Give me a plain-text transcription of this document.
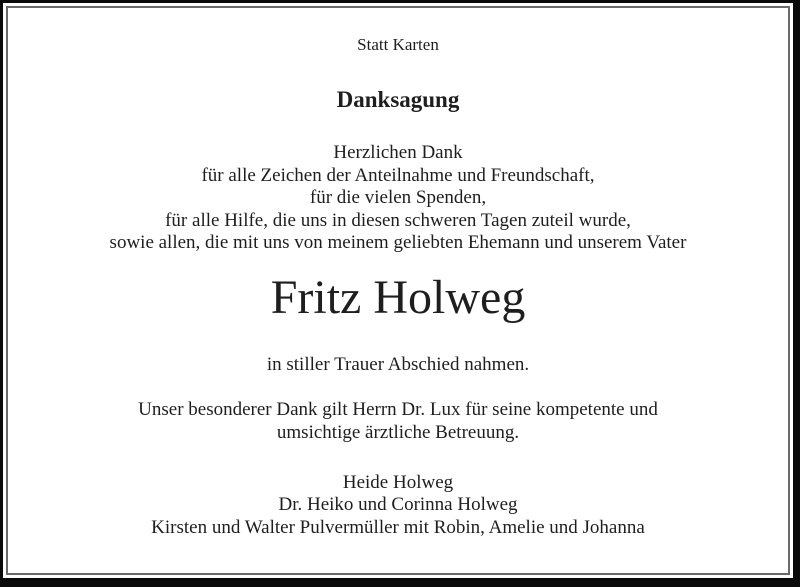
Statt Karten
Danksagung
Herzlichen Dank
für alle Zeichen der Anteilnahme und Freundschaft,
für die vielen Spenden,
für alle Hilfe, die uns in diesen schweren Tagen zuteil wurde,
sowie allen, die mit uns von meinem geliebten Ehemann und unserem Vater
Fritz Holweg
in stiller Trauer Abschied nahmen.
Unser besonderer Dank gilt Herrn Dr. Lux für seine kompetente und
umsichtige ärztliche Betreuung.
Heide Holweg
Dr. Heiko und Corinna Holweg
Kirsten und Walter Pulvermüller mit Robin, Amelie und Johanna
